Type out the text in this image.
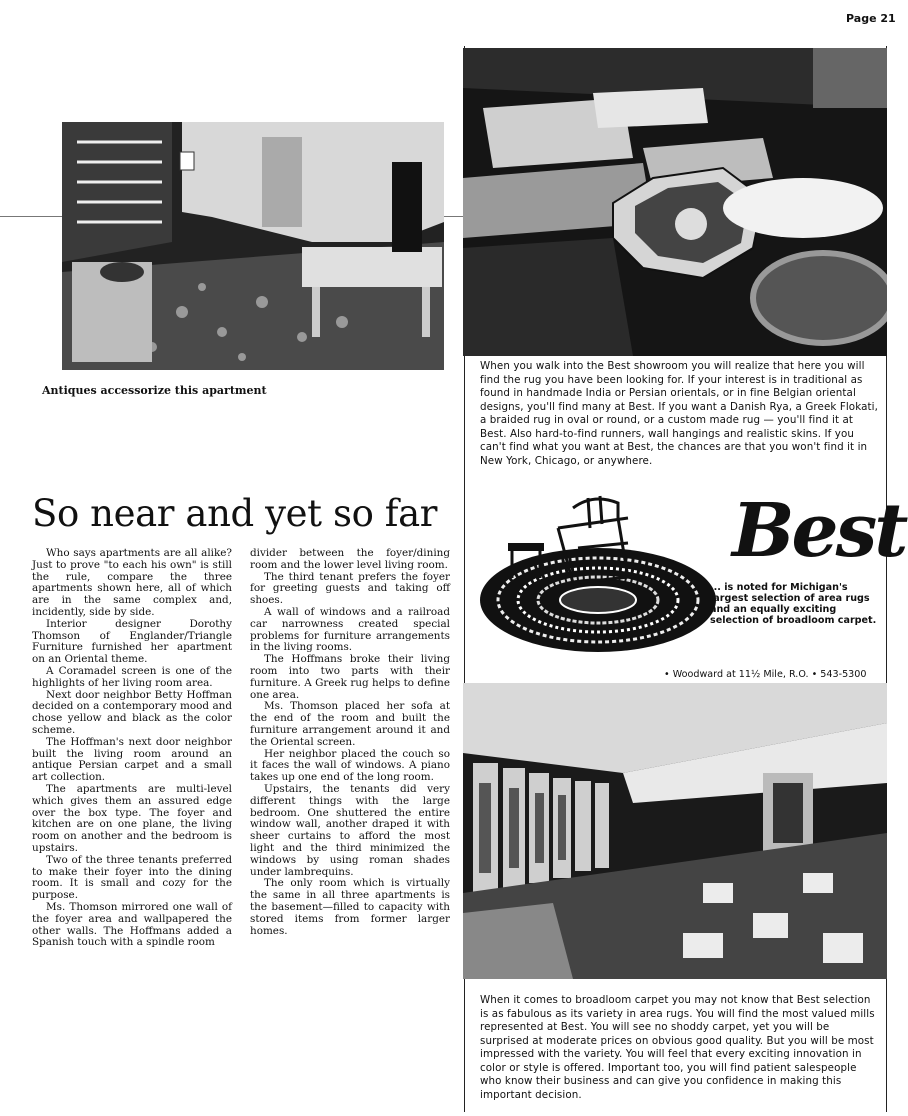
Page 21
Antiques accessorize this apartment
So near and yet so far

Who says apartments are all alike? Just to prove "to each his own" is still the rule, compare the three apartments shown here, all of which are in the same complex and, incidently, side by side.

Interior designer Dorothy Thomson of Englander/Triangle Furniture furnished her apartment on an Oriental theme.

A Coramadel screen is one of the highlights of her living room area.

Next door neighbor Betty Hoffman decided on a contemporary mood and chose yellow and black as the color scheme.

The Hoffman's next door neighbor built the living room around an antique Persian carpet and a small art collection.

The apartments are multi-level which gives them an assured edge over the box type. The foyer and kitchen are on one plane, the living room on another and the bedroom is upstairs.

Two of the three tenants preferred to make their foyer into the dining room. It is small and cozy for the purpose.

Ms. Thomson mirrored one wall of the foyer area and wallpapered the other walls. The Hoffmans added a Spanish touch with a spindle room

divider between the foyer/dining room and the lower level living room.

The third tenant prefers the foyer for greeting guests and taking off shoes.

A wall of windows and a railroad car narrowness created special problems for furniture arrangements in the living rooms.

The Hoffmans broke their living room into two parts with their furniture. A Greek rug helps to define one area.

Ms. Thomson placed her sofa at the end of the room and built the furniture arrangement around it and the Oriental screen.

Her neighbor placed the couch so it faces the wall of windows. A piano takes up one end of the long room.

Upstairs, the tenants did very different things with the large bedroom. One shuttered the entire window wall, another draped it with sheer curtains to afford the most light and the third minimized the windows by using roman shades under lambrequins.

The only room which is virtually the same in all three apartments is the basement—filled to capacity with stored items from former larger homes.

When you walk into the Best showroom you will realize that here you will find the rug you have been looking for. If your interest is in traditional as found in handmade India or Persian orientals, or in fine Belgian oriental designs, you'll find many at Best. If you want a Danish Rya, a Greek Flokati, a braided rug in oval or round, or a custom made rug — you'll find it at Best. Also hard-to-find runners, wall hangings and realistic skins. If you can't find what you want at Best, the chances are that you won't find it in New York, Chicago, or anywhere.
Best
... is noted for Michigan's largest selection of area rugs and an equally exciting selection of broadloom carpet.
• Woodward at 11½ Mile, R.O. • 543-5300
When it comes to broadloom carpet you may not know that Best selection is as fabulous as its variety in area rugs. You will find the most valued mills represented at Best. You will see no shoddy carpet, yet you will be surprised at moderate prices on obvious good quality. But you will be most impressed with the variety. You will feel that every exciting innovation in color or style is offered. Important too, you will find patient salespeople who know their business and can give you confidence in making this important decision.
